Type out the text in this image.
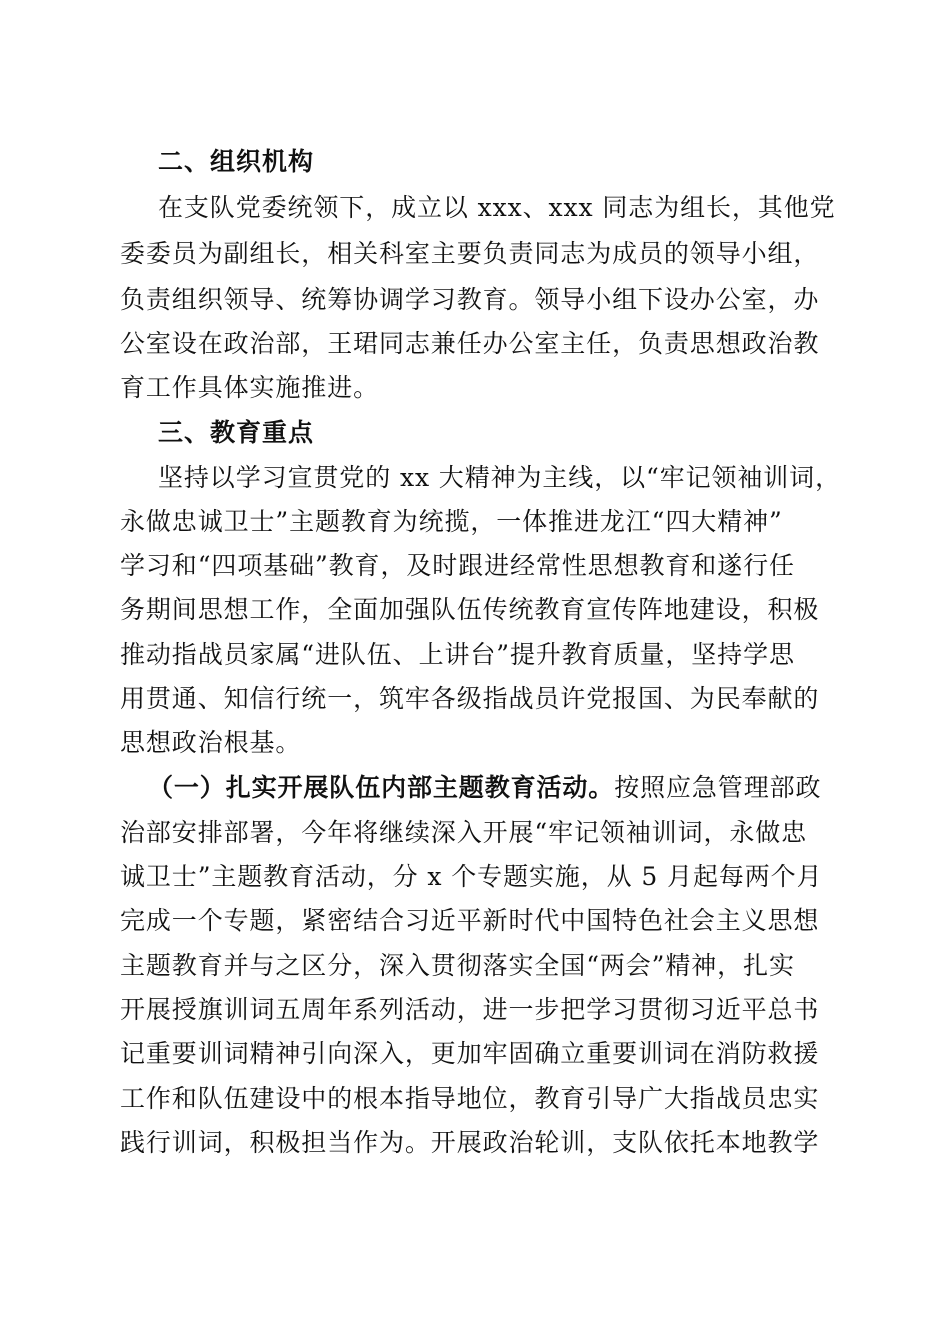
二、组织机构
在支队党委统领下，成立以 xxx、xxx 同志为组长，其他党
委委员为副组长，相关科室主要负责同志为成员的领导小组，
负责组织领导、统筹协调学习教育。领导小组下设办公室，办
公室设在政治部，王珺同志兼任办公室主任，负责思想政治教
育工作具体实施推进。
三、教育重点
坚持以学习宣贯党的 xx 大精神为主线，以“牢记领袖训词，
永做忠诚卫士”主题教育为统揽，一体推进龙江“四大精神”
学习和“四项基础”教育，及时跟进经常性思想教育和遂行任
务期间思想工作，全面加强队伍传统教育宣传阵地建设，积极
推动指战员家属“进队伍、上讲台”提升教育质量，坚持学思
用贯通、知信行统一，筑牢各级指战员许党报国、为民奉献的
思想政治根基。
（一）扎实开展队伍内部主题教育活动。按照应急管理部政
治部安排部署，今年将继续深入开展“牢记领袖训词，永做忠
诚卫士”主题教育活动，分 x 个专题实施，从 5 月起每两个月
完成一个专题，紧密结合习近平新时代中国特色社会主义思想
主题教育并与之区分，深入贯彻落实全国“两会”精神，扎实
开展授旗训词五周年系列活动，进一步把学习贯彻习近平总书
记重要训词精神引向深入，更加牢固确立重要训词在消防救援
工作和队伍建设中的根本指导地位，教育引导广大指战员忠实
践行训词，积极担当作为。开展政治轮训，支队依托本地教学
